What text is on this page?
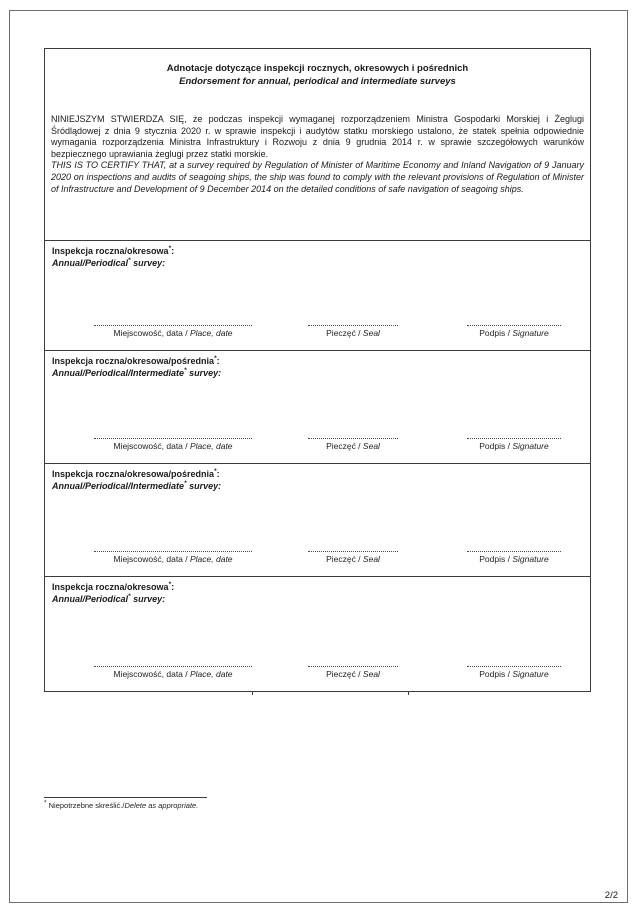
2/2
Adnotacje dotyczące inspekcji rocznych, okresowych i pośrednich
Endorsement for annual, periodical and intermediate surveys
NINIEJSZYM STWIERDZA SIĘ, że podczas inspekcji wymaganej rozporządzeniem Ministra Gospodarki Morskiej i Żeglugi Śródlądowej z dnia 9 stycznia 2020 r. w sprawie inspekcji i audytów statku morskiego ustalono, że statek spełnia odpowiednie wymagania rozporządzenia Ministra Infrastruktury i Rozwoju z dnia 9 grudnia 2014 r. w sprawie szczegółowych warunków bezpiecznego uprawiania żeglugi przez statki morskie.
THIS IS TO CERTIFY THAT, at a survey required by Regulation of Minister of Maritime Economy and Inland Navigation of 9 January 2020 on inspections and audits of seagoing ships, the ship was found to comply with the relevant provisions of Regulation of Minister of Infrastructure and Development of 9 December 2014 on the detailed conditions of safe navigation of seagoing ships.
Inspekcja roczna/okresowa*:
Annual/Periodical* survey:
Miejscowość, data / Place, date	Pieczęć / Seal	Podpis / Signature
Inspekcja roczna/okresowa/pośrednia*:
Annual/Periodical/Intermediate* survey:
Miejscowość, data / Place, date	Pieczęć / Seal	Podpis / Signature
Inspekcja roczna/okresowa/pośrednia*:
Annual/Periodical/Intermediate* survey:
Miejscowość, data / Place, date	Pieczęć / Seal	Podpis / Signature
Inspekcja roczna/okresowa*:
Annual/Periodical* survey:
Miejscowość, data / Place, date	Pieczęć / Seal	Podpis / Signature
* Niepotrzebne skreślić./Delete as appropriate.
